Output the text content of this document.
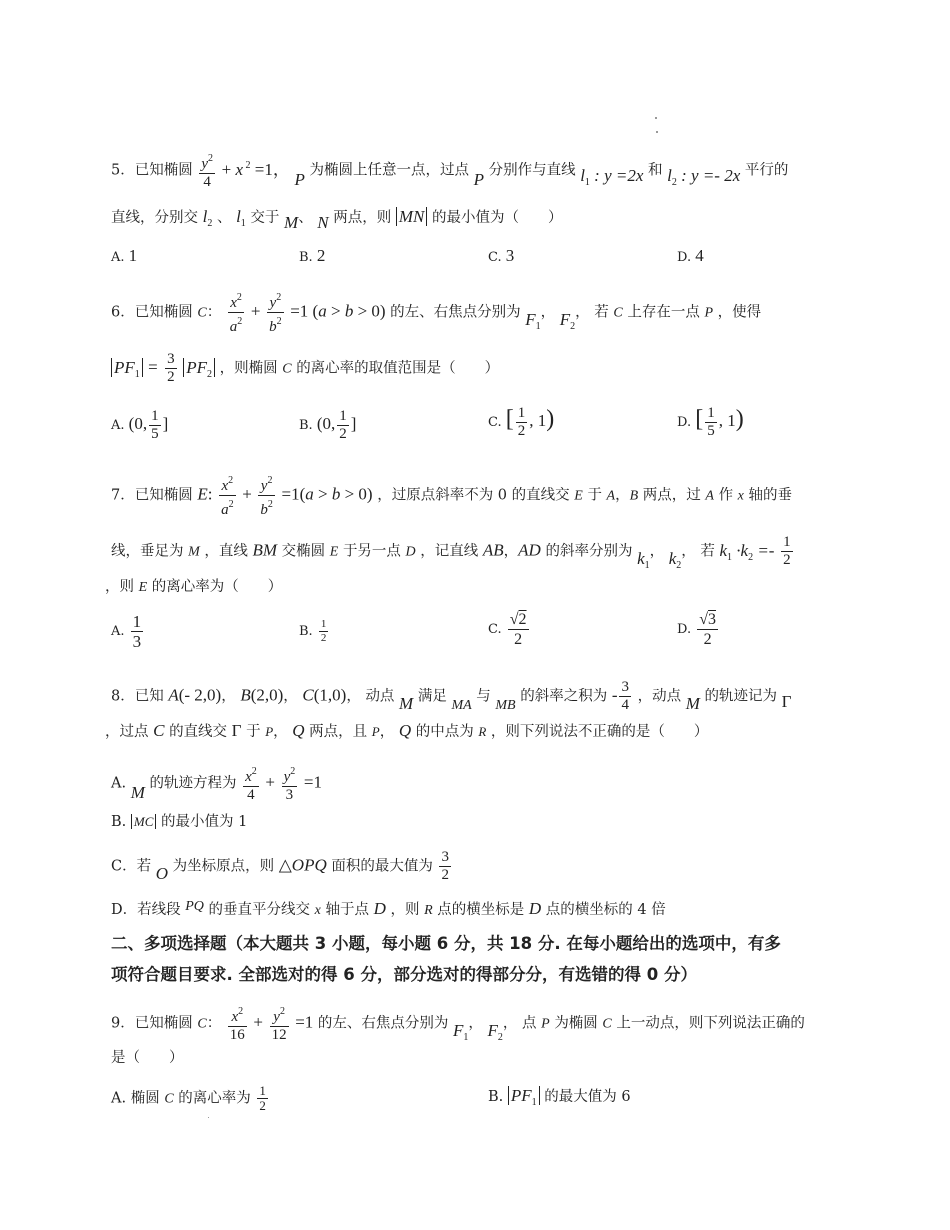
5．已知椭圆 $\frac{y^2}{4} + x$ $^2$ =1， P 为椭圆上任意一点，过点 P 分别作与直线 $l_1$ : y =2x 和 $l_2$ : y =- 2x 平行的
直线，分别交 $l_2$ 、 $l_1$ 交于 M、 N 两点，则 MN 的最小值为（　　）
A. 1	B. 2	C. 3	D. 4
6．已知椭圆 C： $\frac{x^2}{a^2} + \frac{y^2}{b^2} =1$ (a > b > 0) 的左、右焦点分别为 $F_1$， $F_2$， 若 C 上存在一点 P ，使得
$PF_1 = \frac{3}{2} PF_2$ ，则椭圆 C 的离心率的取值范围是（　　）
A. (0, $\frac{1}{5}$ ]	B. (0, $\frac{1}{2}$ ]	C. [ $\frac{1}{2}$ , 1)	D. [ $\frac{1}{5}$ , 1)
7．已知椭圆 E: $\frac{x^2}{a^2} + \frac{y^2}{b^2} =1(a > b > 0)$ ，过原点斜率不为 0 的直线交 E 于 A，B 两点，过 A 作 x 轴的垂
线，垂足为 M ，直线 BM 交椭圆 E 于另一点 D ，记直线 AB，AD 的斜率分别为 $k_1$， $k_2$， 若 $k_1 \cdot k_2 =- \frac{1}{2}$
，则 E 的离心率为（　　）
A. $\frac{1}{3}$	B. $\frac{1}{2}$	C. $\frac{√2}{2}$	D. $\frac{√3}{2}$
8．已知 A(- 2,0)， B(2,0)， C(1,0)， 动点 M 满足 MA 与 MB 的斜率之积为 - $\frac{3}{4}$ ，动点 M 的轨迹记为 Γ
，过点 C 的直线交 Γ 于 P， Q 两点，且 P， Q 的中点为 R ，则下列说法不正确的是（　　）
A. M 的轨迹方程为 $\frac{x^2}{4} + \frac{y^2}{3} =1$
B. MC 的最小值为 1
C．若 O 为坐标原点，则 △OPQ 面积的最大值为 $\frac{3}{2}$
D．若线段 PQ 的垂直平分线交 x 轴于点 D ，则 R 点的横坐标是 D 点的横坐标的 4 倍
二、多项选择题（本大题共 3 小题，每小题 6 分，共 18 分. 在每小题给出的选项中，有多
项符合题目要求. 全部选对的得 6 分，部分选对的得部分分，有选错的得 0 分）
9．已知椭圆 C： $\frac{x^2}{16} + \frac{y^2}{12} =1$ 的左、右焦点分别为 $F_1$， $F_2$， 点 P 为椭圆 C 上一动点，则下列说法正确的
是（　　）
A. 椭圆 C 的离心率为 $\frac{1}{2}$	B. $PF_1$ 的最大值为 6
